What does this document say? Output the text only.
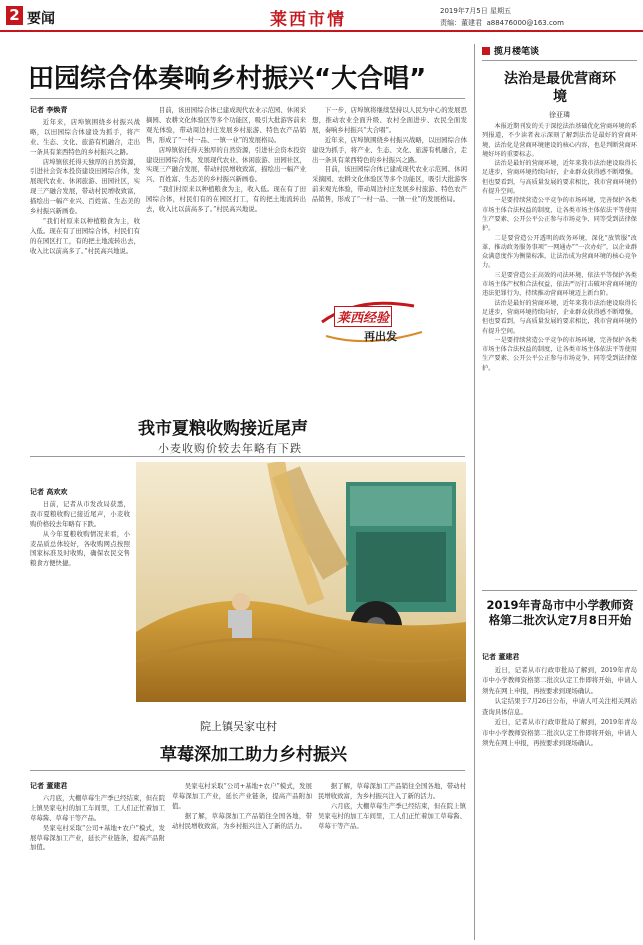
2 要闻	莱西市情	2019年7月5日 星期五
责编：董建君 a88476000@163.com
田园综合体奏响乡村振兴“大合唱”
记者 李焕青

近年来，店埠镇围绕乡村振兴战略，以田园综合体建设为抓手，将产业、生态、文化、旅游有机融合，走出一条具有莱西特色的乡村振兴之路。

店埠镇依托得天独厚的自然资源，引进社会资本投资建设田园综合体，发展现代农业、休闲旅游、田园社区，实现三产融合发展，带动村民增收致富，描绘出一幅产业兴、百姓富、生态美的乡村振兴新画卷。

“我们村原来以种植粮食为主，收入低。现在有了田园综合体，村民们有的在园区打工，有的把土地流转出去，收入比以前高多了。”村民高兴地说。

目前，该田园综合体已建成现代农业示范园、休闲采摘园、农耕文化体验区等多个功能区，吸引大批游客前来观光体验，带动周边村庄发展乡村旅游、特色农产品销售，形成了“一村一品、一镇一业”的发展格局。

店埠镇依托得天独厚的自然资源，引进社会资本投资建设田园综合体，发展现代农业、休闲旅游、田园社区，实现三产融合发展，带动村民增收致富，描绘出一幅产业兴、百姓富、生态美的乡村振兴新画卷。

“我们村原来以种植粮食为主，收入低。现在有了田园综合体，村民们有的在园区打工，有的把土地流转出去，收入比以前高多了。”村民高兴地说。

下一步，店埠镇将继续坚持以人民为中心的发展思想，推动农业全面升级、农村全面进步、农民全面发展，奏响乡村振兴“大合唱”。

近年来，店埠镇围绕乡村振兴战略，以田园综合体建设为抓手，将产业、生态、文化、旅游有机融合，走出一条具有莱西特色的乡村振兴之路。

目前，该田园综合体已建成现代农业示范园、休闲采摘园、农耕文化体验区等多个功能区，吸引大批游客前来观光体验，带动周边村庄发展乡村旅游、特色农产品销售，形成了“一村一品、一镇一业”的发展格局。

莱西经验
再出发
我市夏粮收购接近尾声
小麦收购价较去年略有下跌
记者 高欢欢

日前，记者从市发改局获悉，我市夏粮收购已接近尾声，小麦收购价格较去年略有下跌。

从今年夏粮收购情况来看，小麦品质总体较好，各收购网点按照国家标准及时收购，确保农民交售粮食方便快捷。

院上镇吴家屯村
草莓深加工助力乡村振兴
记者 董建君

六月底，大棚草莓生产季已经结束，但在院上镇吴家屯村的加工车间里，工人们正忙着加工草莓酱、草莓干等产品。

吴家屯村采取“公司+基地+农户”模式，发展草莓深加工产业，延长产业链条，提高产品附加值。

吴家屯村采取“公司+基地+农户”模式，发展草莓深加工产业，延长产业链条，提高产品附加值。

据了解，草莓深加工产品销往全国各地，带动村民增收致富，为乡村振兴注入了新的活力。

据了解，草莓深加工产品销往全国各地，带动村民增收致富，为乡村振兴注入了新的活力。

六月底，大棚草莓生产季已经结束，但在院上镇吴家屯村的加工车间里，工人们正忙着加工草莓酱、草莓干等产品。

揽月楼笔谈
法治是最优营商环境
徐亚璘

本报近期刊发的关于深挖法治基础优化营商环境的系列报道，不少读者表示深刻了解到法治是最好的营商环境，法治化是营商环境建设的核心内容，也是判断营商环境好坏的重要标志。

法治是最好的营商环境，近年来我市法治建设取得长足进步，营商环境持续向好，企业群众获得感不断增强。但也要看到，与高质量发展的要求相比，我市营商环境仍有提升空间。

一是要持续营造公平竞争的市场环境，完善保护各类市场主体合法权益的制度，让各类市场主体依法平等使用生产要素、公开公平公正参与市场竞争、同等受到法律保护。

二是要营造公开透明的政务环境，深化“放管服”改革，推动政务服务事项“一网通办”“一次办好”，以企业群众满意度作为衡量标准，让法治成为营商环境的核心竞争力。

三是要营造公正高效的司法环境，依法平等保护各类市场主体产权和合法权益，依法严厉打击破坏营商环境的违法犯罪行为，持续推动营商环境迈上新台阶。

法治是最好的营商环境，近年来我市法治建设取得长足进步，营商环境持续向好，企业群众获得感不断增强。但也要看到，与高质量发展的要求相比，我市营商环境仍有提升空间。

一是要持续营造公平竞争的市场环境，完善保护各类市场主体合法权益的制度，让各类市场主体依法平等使用生产要素、公开公平公正参与市场竞争、同等受到法律保护。

2019年青岛市中小学教师资格第二批次认定7月8日开始
记者 董建君

近日，记者从市行政审批局了解到，2019年青岛市中小学教师资格第二批次认定工作即将开始，申请人须先在网上申报，再按要求到现场确认。

认定结果于7月26日公布，申请人可关注相关网站查询具体信息。

近日，记者从市行政审批局了解到，2019年青岛市中小学教师资格第二批次认定工作即将开始，申请人须先在网上申报，再按要求到现场确认。
